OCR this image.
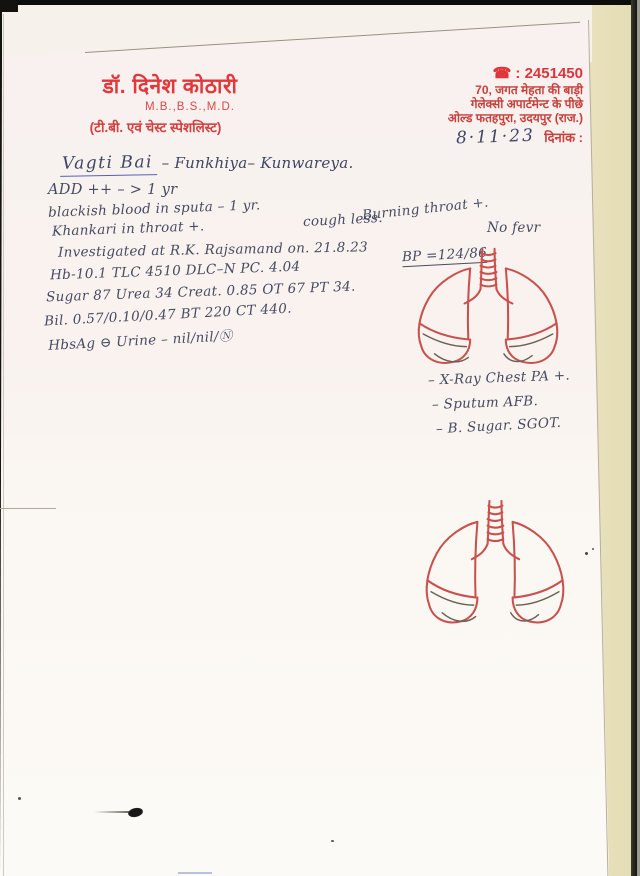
डॉ. दिनेश कोठारी
M.B.,B.S.,M.D.
(टी.बी. एवं चेस्ट स्पेशलिस्ट)
☎ : 2451450
70, जगत मेहता की बाड़ी
गेलेक्सी अपार्टमेन्ट के पीछे
ओल्ड फतहपुरा, उदयपुर (राज.)
दिनांक :
8·11·23
Vagti Bai – Funkhiya– Kunwareya.
ADD ++ – > 1 yr
blackish blood in sputa – 1 yr.
Khankari in throat +.	cough less.
Burning throat +.
No fevr
Investigated at R.K. Rajsamand on. 21.8.23 BP =124/86
Hb-10.1 TLC 4510 DLC–N PC. 4.04
Sugar 87 Urea 34 Creat. 0.85 OT 67 PT 34.
Bil. 0.57/0.10/0.47 BT 220 CT 440.
HbsAg ⊖ Urine – nil/nil/Ⓝ
– X-Ray Chest PA +.
– Sputum AFB.
– B. Sugar. SGOT.
